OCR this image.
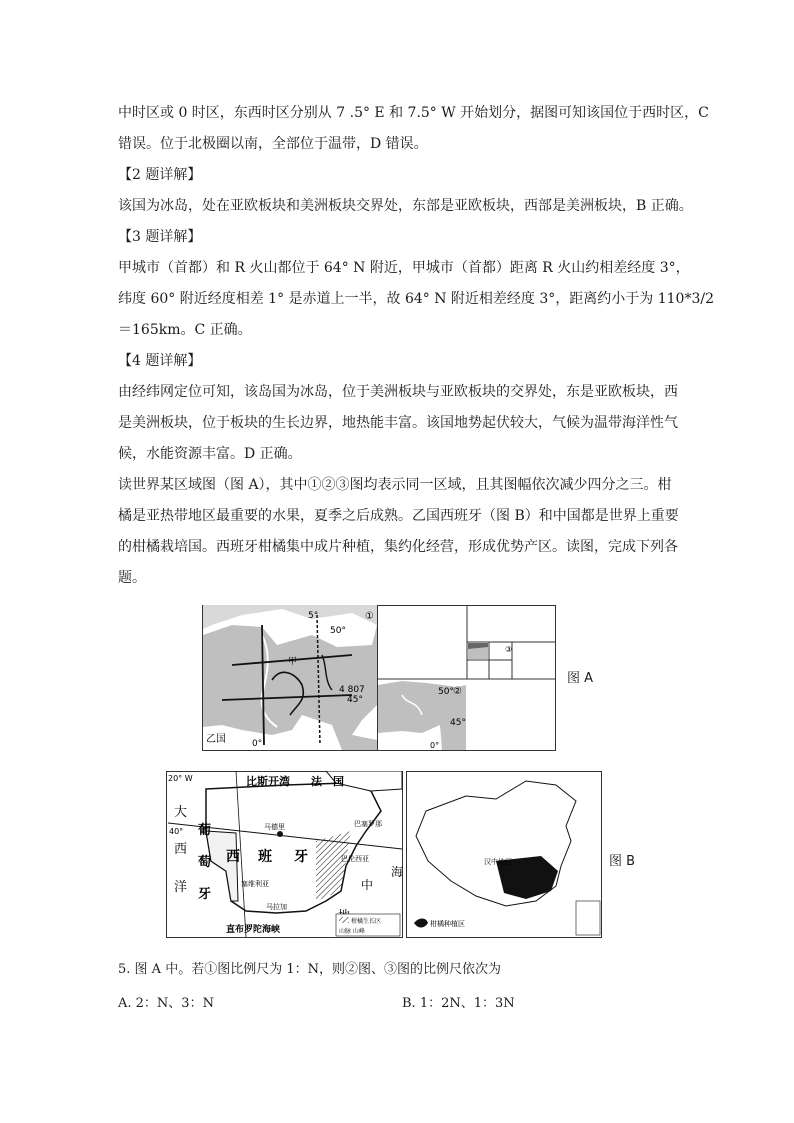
中时区或 0 时区，东西时区分别从 7 .5° E 和 7.5° W 开始划分，据图可知该国位于西时区，C
错误。位于北极圈以南，全部位于温带，D 错误。
【2 题详解】
该国为冰岛，处在亚欧板块和美洲板块交界处，东部是亚欧板块，西部是美洲板块，B 正确。
【3 题详解】
甲城市（首都）和 R 火山都位于 64° N 附近，甲城市（首都）距离 R 火山约相差经度 3°，
纬度 60° 附近经度相差 1° 是赤道上一半，故 64° N 附近相差经度 3°，距离约小于为 110*3/2
＝165km。C 正确。
【4 题详解】
由经纬网定位可知，该岛国为冰岛，位于美洲板块与亚欧板块的交界处，东是亚欧板块，西
是美洲板块，位于板块的生长边界，地热能丰富。该国地势起伏较大，气候为温带海洋性气
候，水能资源丰富。D 正确。
读世界某区域图（图 A），其中①②③图均表示同一区域，且其图幅依次减少四分之三。柑
橘是亚热带地区最重要的水果，夏季之后成熟。乙国西班牙（图 B）和中国都是世界上重要
的柑橘栽培国。西班牙柑橘集中成片种植，集约化经营，形成优势产区。读图，完成下列各
题。
5°
50°
①
甲
4 807
45°
乙国	0°
50° ②
45°
0°
③
图 A
20° W	比斯开湾 法　国
40°
大
西
洋
葡
萄
牙
西 班 牙
马德里	巴塞罗那
巴伦西亚
塞维利亚
马拉加
中
海
直布罗陀海峡
柑橘生长区
山脉 山峰
汉中地区
柑橘种植区
图 B
5. 图 A 中。若①图比例尺为 1：N，则②图、③图的比例尺依次为
A. 2：N、3：N	B. 1：2N、1：3N
